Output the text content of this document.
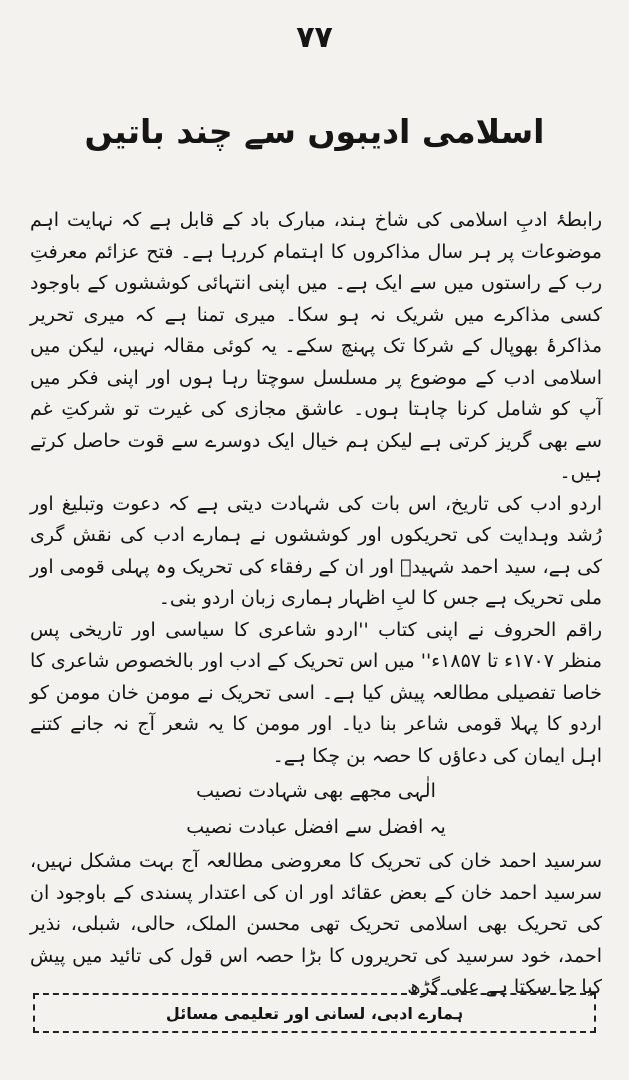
۷۷
اسلامی ادیبوں سے چند باتیں

رابطۂ ادبِ اسلامی کی شاخ ہند، مبارک باد کے قابل ہے کہ نہایت اہم موضوعات پر ہر سال مذاکروں کا اہتمام کررہا ہے۔ فتح عزائم معرفتِ رب کے راستوں میں سے ایک ہے۔ میں اپنی انتہائی کوششوں کے باوجود کسی مذاکرے میں شریک نہ ہو سکا۔ میری تمنا ہے کہ میری تحریر مذاکرۂ بھوپال کے شرکا تک پہنچ سکے۔ یہ کوئی مقالہ نہیں، لیکن میں اسلامی ادب کے موضوع پر مسلسل سوچتا رہا ہوں اور اپنی فکر میں آپ کو شامل کرنا چاہتا ہوں۔ عاشق مجازی کی غیرت تو شرکتِ غم سے بھی گریز کرتی ہے لیکن ہم خیال ایک دوسرے سے قوت حاصل کرتے ہیں۔

اردو ادب کی تاریخ، اس بات کی شہادت دیتی ہے کہ دعوت وتبلیغ اور رُشد وہدایت کی تحریکوں اور کوششوں نے ہمارے ادب کی نقش گری کی ہے، سید احمد شہیدؒ اور ان کے رفقاء کی تحریک وہ پہلی قومی اور ملی تحریک ہے جس کا لبِ اظہار ہماری زبان اردو بنی۔

راقم الحروف نے اپنی کتاب ''اردو شاعری کا سیاسی اور تاریخی پس منظر ۱۷۰۷ء تا ۱۸۵۷ء'' میں اس تحریک کے ادب اور بالخصوص شاعری کا خاصا تفصیلی مطالعہ پیش کیا ہے۔ اسی تحریک نے مومن خان مومن کو اردو کا پہلا قومی شاعر بنا دیا۔ اور مومن کا یہ شعر آج نہ جانے کتنے اہل ایمان کی دعاؤں کا حصہ بن چکا ہے۔

الٰہی مجھے بھی شہادت نصیب
یہ افضل سے افضل عبادت نصیب

سرسید احمد خان کی تحریک کا معروضی مطالعہ آج بہت مشکل نہیں، سرسید احمد خان کے بعض عقائد اور ان کی اعتدار پسندی کے باوجود ان کی تحریک بھی اسلامی تحریک تھی محسن الملک، حالی، شبلی، نذیر احمد، خود سرسید کی تحریروں کا بڑا حصہ اس قول کی تائید میں پیش کیا جا سکتا ہے علی گڑھ

ہمارے ادبی، لسانی اور تعلیمی مسائل
